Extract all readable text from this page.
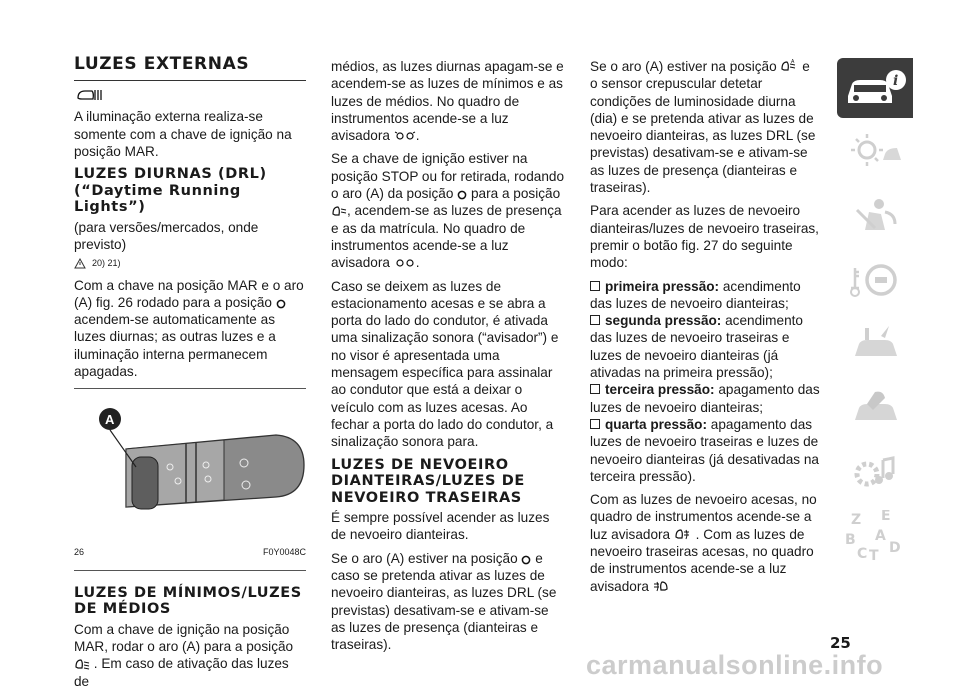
LUZES EXTERNAS

A iluminação externa realiza-se somente com a chave de ignição na posição MAR.

LUZES DIURNAS (DRL) (“Daytime Running Lights”)

(para versões/mercados, onde previsto)

20) 21)

Com a chave na posição MAR e o aro (A) fig. 26 rodado para a posição  acendem-se automaticamente as luzes diurnas; as outras luzes e a iluminação interna permanecem apagadas.

A
26	F0Y0048C
LUZES DE MÍNIMOS/LUZES DE MÉDIOS

Com a chave de ignição na posição MAR, rodar o aro (A) para a posição  . Em caso de ativação das luzes de

médios, as luzes diurnas apagam-se e acendem-se as luzes de mínimos e as luzes de médios. No quadro de instrumentos acende-se a luz avisadora .

Se a chave de ignição estiver na posição STOP ou for retirada, rodando o aro (A) da posição para a posição , acendem-se as luzes de presença e as da matrícula. No quadro de instrumentos acende-se a luz avisadora .

Caso se deixem as luzes de estacionamento acesas e se abra a porta do lado do condutor, é ativada uma sinalização sonora (“avisador”) e no visor é apresentada uma mensagem específica para assinalar ao condutor que está a deixar o veículo com as luzes acesas. Ao fechar a porta do lado do condutor, a sinalização sonora para.

LUZES DE NEVOEIRO DIANTEIRAS/LUZES DE NEVOEIRO TRASEIRAS

É sempre possível acender as luzes de nevoeiro dianteiras.

Se o aro (A) estiver na posição e caso se pretenda ativar as luzes de nevoeiro dianteiras, as luzes DRL (se previstas) desativam-se e ativam-se as luzes de presença (dianteiras e traseiras).

Se o aro (A) estiver na posição	A e o sensor crepuscular detetar condições de luminosidade diurna (dia) e se pretenda ativar as luzes de nevoeiro dianteiras, as luzes DRL (se previstas) desativam-se e ativam-se as luzes de presença (dianteiras e traseiras).

Para acender as luzes de nevoeiro dianteiras/luzes de nevoeiro traseiras, premir o botão fig. 27 do seguinte modo:

primeira pressão: acendimento das luzes de nevoeiro dianteiras;
segunda pressão: acendimento das luzes de nevoeiro traseiras e luzes de nevoeiro dianteiras (já ativadas na primeira pressão);
terceira pressão: apagamento das luzes de nevoeiro dianteiras;
quarta pressão: apagamento das luzes de nevoeiro traseiras e luzes de nevoeiro dianteiras (já desativadas na terceira pressão).

Com as luzes de nevoeiro acesas, no quadro de instrumentos acende-se a luz avisadora . Com as luzes de nevoeiro traseiras acesas, no quadro de instrumentos acende-se a luz avisadora

i
Z E
B A
C T D
25
carmanualsonline.info
